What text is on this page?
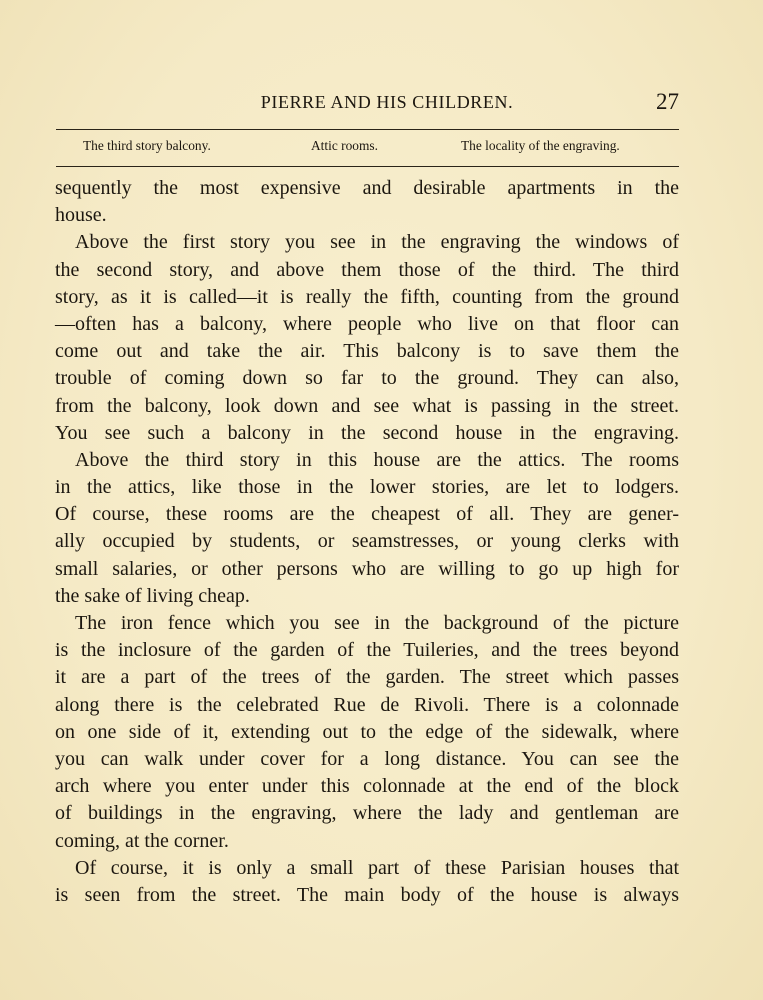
PIERRE AND HIS CHILDREN.	27
The third story balcony.	Attic rooms.	The locality of the engraving.
sequently the most expensive and desirable apartments in the
house.
Above the first story you see in the engraving the windows of
the second story, and above them those of the third. The third
story, as it is called—it is really the fifth, counting from the ground
—often has a balcony, where people who live on that floor can
come out and take the air. This balcony is to save them the
trouble of coming down so far to the ground. They can also,
from the balcony, look down and see what is passing in the street.
You see such a balcony in the second house in the engraving.
Above the third story in this house are the attics. The rooms
in the attics, like those in the lower stories, are let to lodgers.
Of course, these rooms are the cheapest of all. They are gener-
ally occupied by students, or seamstresses, or young clerks with
small salaries, or other persons who are willing to go up high for
the sake of living cheap.
The iron fence which you see in the background of the picture
is the inclosure of the garden of the Tuileries, and the trees beyond
it are a part of the trees of the garden. The street which passes
along there is the celebrated Rue de Rivoli. There is a colonnade
on one side of it, extending out to the edge of the sidewalk, where
you can walk under cover for a long distance. You can see the
arch where you enter under this colonnade at the end of the block
of buildings in the engraving, where the lady and gentleman are
coming, at the corner.
Of course, it is only a small part of these Parisian houses that
is seen from the street. The main body of the house is always
